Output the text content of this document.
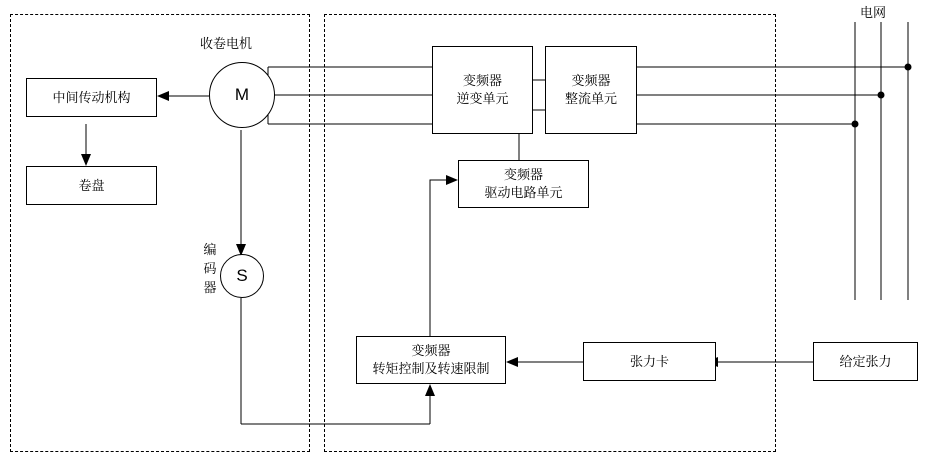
电网
收卷电机
编
码
器
M
S
中间传动机构
卷盘
变频器
逆变单元
变频器
整流单元
变频器
驱动电路单元
变频器
转矩控制及转速限制	张力卡	给定张力
